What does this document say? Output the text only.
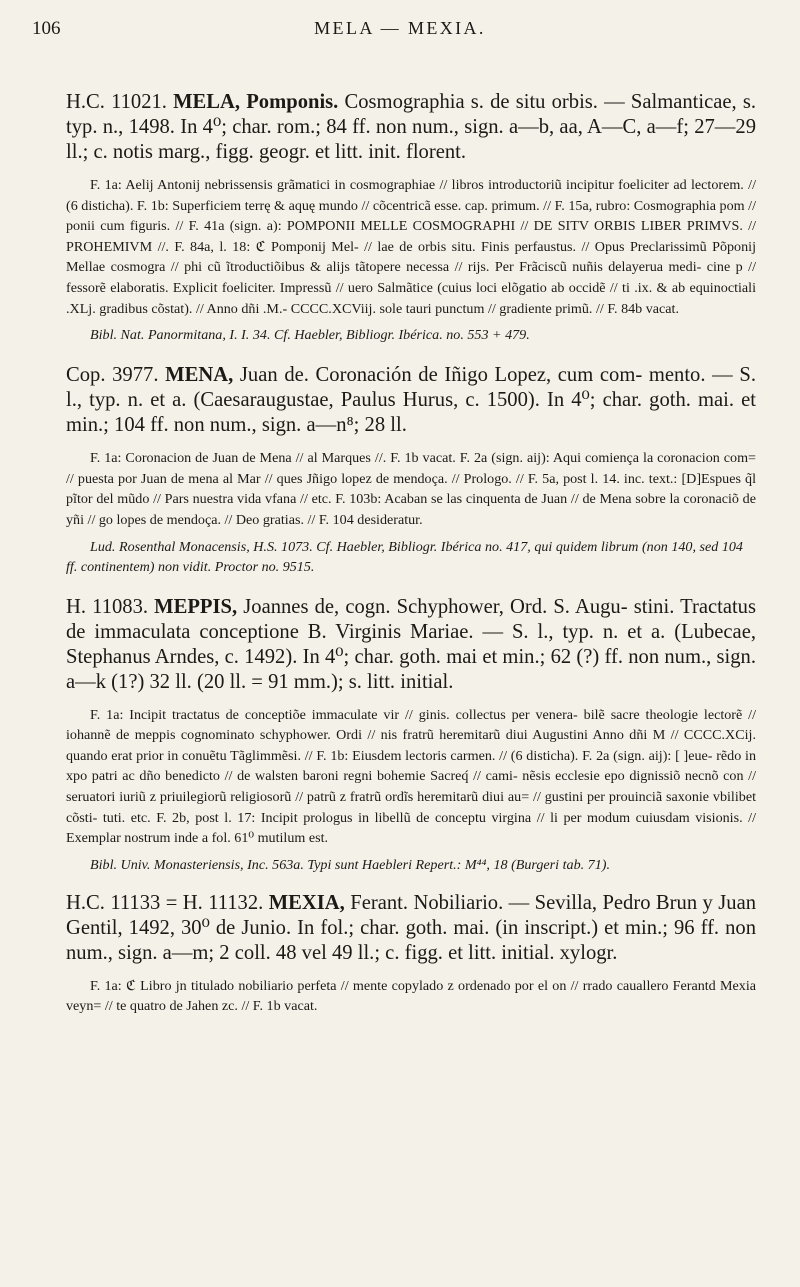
106	MELA — MEXIA.

H.C. 11021. MELA, Pomponis. Cosmographia s. de situ orbis. — Salmanticae, s. typ. n., 1498. In 4⁰; char. rom.; 84 ff. non num., sign. a—b, aa, A—C, a—f; 27—29 ll.; c. notis marg., figg. geogr. et litt. init. florent.

F. 1a: Aelij Antonij nebrissensis grãmatici in cosmographiae // libros introductoriũ incipitur foeliciter ad lectorem. // (6 disticha). F. 1b: Superficiem terrę & aquę mundo // cõcentricã esse. cap. primum. // F. 15a, rubro: Cosmographia pom // ponii cum figuris. // F. 41a (sign. a): POMPONII MELLE COSMOGRAPHI // DE SITV ORBIS LIBER PRIMVS. // PROHEMIVM //. F. 84a, l. 18: ℭ Pomponij Mel- // lae de orbis situ. Finis perfaustus. // Opus Preclarissimũ Põponij Mellae cosmogra // phi cũ ĩtroductiõibus & alijs tãtopere necessa // rijs. Per Frãciscũ nuñis delayerua medi- cine p // fessorẽ elaboratis. Explicit foeliciter. Impressũ // uero Salmãtice (cuius loci elõgatio ab occidẽ // ti .ix. & ab equinoctiali .XLj. gradibus cõstat). // Anno dñi .M.- CCCC.XCViij. sole tauri punctum // gradiente primũ. // F. 84b vacat.

Bibl. Nat. Panormitana, I. I. 34. Cf. Haebler, Bibliogr. Ibérica. no. 553 + 479.

Cop. 3977. MENA, Juan de. Coronación de Iñigo Lopez, cum com- mento. — S. l., typ. n. et a. (Caesaraugustae, Paulus Hurus, c. 1500). In 4⁰; char. goth. mai. et min.; 104 ff. non num., sign. a—n⁸; 28 ll.

F. 1a: Coronacion de Juan de Mena // al Marques //. F. 1b vacat. F. 2a (sign. aij): Aqui comiença la coronacion com= // puesta por Juan de mena al Mar // ques Jñigo lopez de mendoça. // Prologo. // F. 5a, post l. 14. inc. text.: [D]Espues q̃l pĩtor del mũdo // Pars nuestra vida vfana // etc. F. 103b: Acaban se las cinquenta de Juan // de Mena sobre la coronaciõ de yñi // go lopes de mendoça. // Deo gratias. // F. 104 desideratur.

Lud. Rosenthal Monacensis, H.S. 1073. Cf. Haebler, Bibliogr. Ibérica no. 417, qui quidem librum (non 140, sed 104 ff. continentem) non vidit. Proctor no. 9515.

H. 11083. MEPPIS, Joannes de, cogn. Schyphower, Ord. S. Augu- stini. Tractatus de immaculata conceptione B. Virginis Mariae. — S. l., typ. n. et a. (Lubecae, Stephanus Arndes, c. 1492). In 4⁰; char. goth. mai et min.; 62 (?) ff. non num., sign. a—k (1?) 32 ll. (20 ll. = 91 mm.); s. litt. initial.

F. 1a: Incipit tractatus de conceptiõe immaculate vir // ginis. collectus per venera- bilẽ sacre theologie lectorẽ // iohannẽ de meppis cognominato schyphower. Ordi // nis fratrũ heremitarũ diui Augustini Anno dñi M // CCCC.XCij. quando erat prior in conuẽtu Tãglimmẽsi. // F. 1b: Eiusdem lectoris carmen. // (6 disticha). F. 2a (sign. aij): [ ]eue- rẽdo in xpo patri ac dño benedicto // de walsten baroni regni bohemie Sacreq́ // cami- nẽsis ecclesie epo dignissiõ necnõ con // seruatori iuriũ z priuilegiorũ religiosorũ // patrũ z fratrũ ordĩs heremitarũ diui au= // gustini per prouinciã saxonie vbilibet cõsti- tuti. etc. F. 2b, post l. 17: Incipit prologus in libellũ de conceptu virgina // li per modum cuiusdam visionis. // Exemplar nostrum inde a fol. 61⁰ mutilum est.

Bibl. Univ. Monasteriensis, Inc. 563a. Typi sunt Haebleri Repert.: M⁴⁴, 18 (Burgeri tab. 71).

H.C. 11133 = H. 11132. MEXIA, Ferant. Nobiliario. — Sevilla, Pedro Brun y Juan Gentil, 1492, 30⁰ de Junio. In fol.; char. goth. mai. (in inscript.) et min.; 96 ff. non num., sign. a—m; 2 coll. 48 vel 49 ll.; c. figg. et litt. initial. xylogr.

F. 1a: ℭ Libro jn titulado nobiliario perfeta // mente copylado z ordenado por el on // rrado cauallero Ferantd Mexia veyn= // te quatro de Jahen zc. // F. 1b vacat.
